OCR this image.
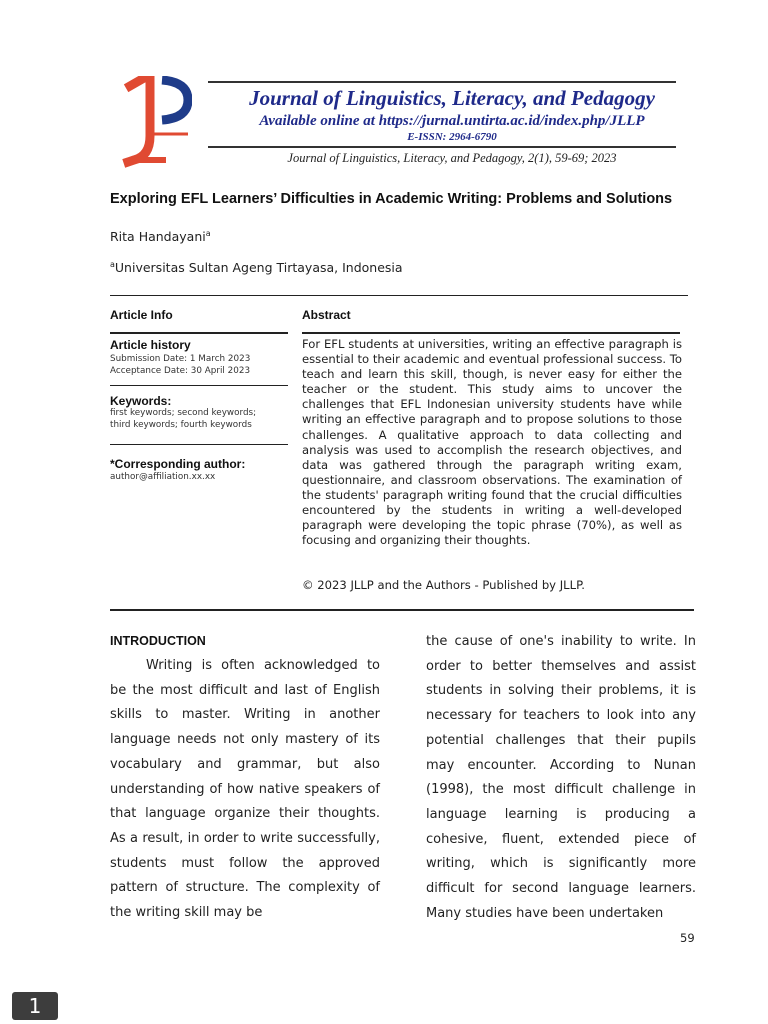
Journal of Linguistics, Literacy, and Pedagogy
Available online at https://jurnal.untirta.ac.id/index.php/JLLP
E-ISSN: 2964-6790
Journal of Linguistics, Literacy, and Pedagogy, 2(1), 59-69; 2023
Exploring EFL Learners’ Difficulties in Academic Writing: Problems and Solutions
Rita Handayani$^a$
$^a$Universitas Sultan Ageng Tirtayasa, Indonesia
Article Info
Article history
Submission Date: 1 March 2023
Acceptance Date: 30 April 2023
Keywords:
first keywords; second keywords;
third keywords; fourth keywords
*Corresponding author:
author@affiliation.xx.xx
Abstract
For EFL students at universities, writing an effective paragraph is essential to their academic and eventual professional success. To teach and learn this skill, though, is never easy for either the teacher or the student. This study aims to uncover the challenges that EFL Indonesian university students have while writing an effective paragraph and to propose solutions to those challenges. A qualitative approach to data collecting and analysis was used to accomplish the research objectives, and data was gathered through the paragraph writing exam, questionnaire, and classroom observations. The examination of the students' paragraph writing found that the crucial difficulties encountered by the students in writing a well-developed paragraph were developing the topic phrase (70%), as well as focusing and organizing their thoughts.
© 2023 JLLP and the Authors - Published by JLLP.
INTRODUCTION
Writing is often acknowledged to be the most difficult and last of English skills to master. Writing in another language needs not only mastery of its vocabulary and grammar, but also understanding of how native speakers of that language organize their thoughts. As a result, in order to write successfully, students must follow the approved pattern of structure. The complexity of the writing skill may be
the cause of one's inability to write. In order to better themselves and assist students in solving their problems, it is necessary for teachers to look into any potential challenges that their pupils may encounter. According to Nunan (1998), the most difficult challenge in language learning is producing a cohesive, fluent, extended piece of writing, which is significantly more difficult for second language learners. Many studies have been undertaken
59
1
